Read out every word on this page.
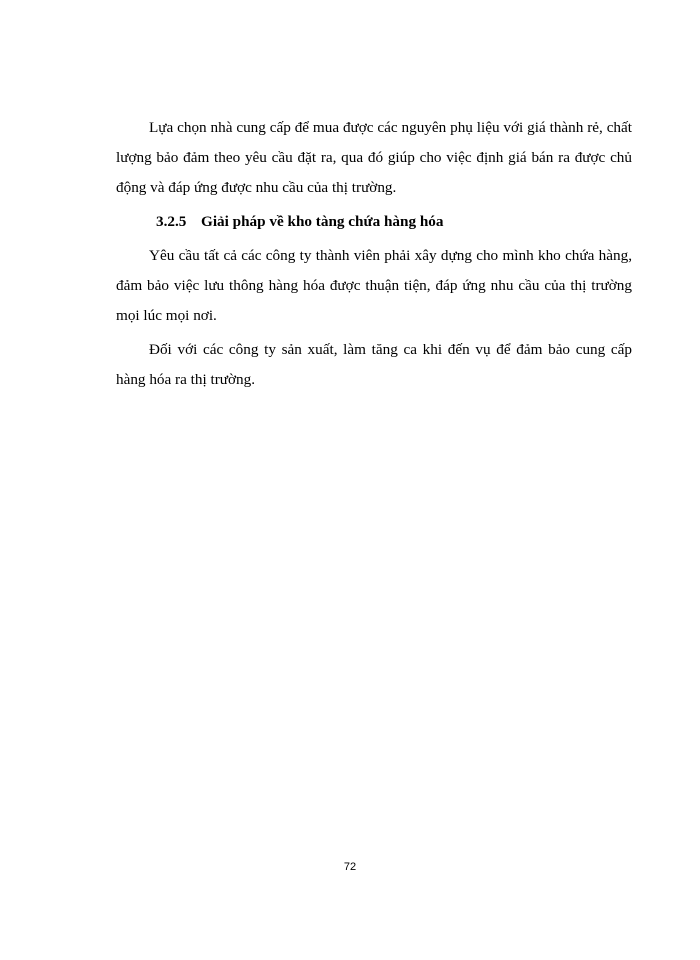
Lựa chọn nhà cung cấp để mua được các nguyên phụ liệu với giá thành rẻ, chất lượng bảo đảm theo yêu cầu đặt ra, qua đó giúp cho việc định giá bán ra được chủ động và đáp ứng được nhu cầu của thị trường.

3.2.5 Giải pháp về kho tàng chứa hàng hóa

Yêu cầu tất cả các công ty thành viên phải xây dựng cho mình kho chứa hàng, đảm bảo việc lưu thông hàng hóa được thuận tiện, đáp ứng nhu cầu của thị trường mọi lúc mọi nơi.

Đối với các công ty sản xuất, làm tăng ca khi đến vụ để đảm bảo cung cấp hàng hóa ra thị trường.

72
